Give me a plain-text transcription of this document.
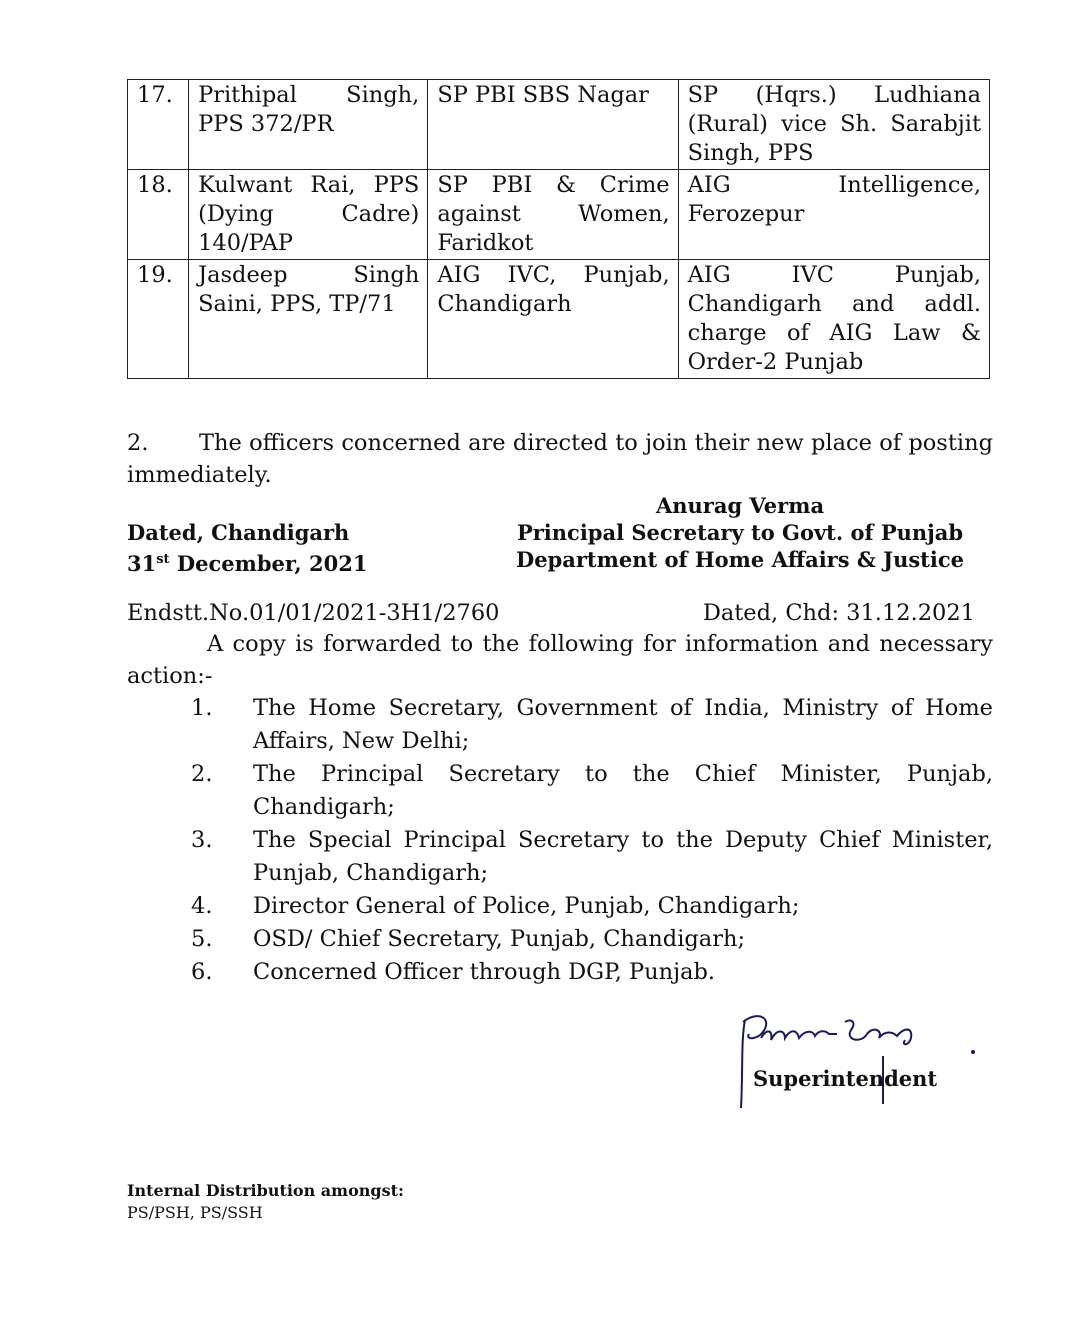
17.	Prithipal Singh, PPS 372/PR	SP PBI SBS Nagar	SP (Hqrs.) Ludhiana (Rural) vice Sh. Sarabjit Singh, PPS
18.	Kulwant Rai, PPS (Dying Cadre) 140/PAP	SP PBI & Crime against Women, Faridkot	AIG Intelligence, Ferozepur
19.	Jasdeep Singh Saini, PPS, TP/71	AIG IVC, Punjab, Chandigarh	AIG IVC Punjab, Chandigarh and addl. charge of AIG Law & Order-2 Punjab
2. The officers concerned are directed to join their new place of posting immediately.
Dated, Chandigarh
31st December, 2021
Anurag Verma
Principal Secretary to Govt. of Punjab
Department of Home Affairs & Justice
Endstt.No.01/01/2021-3H1/2760	Dated, Chd: 31.12.2021
A copy is forwarded to the following for information and necessary action:-
1.	The Home Secretary, Government of India, Ministry of Home Affairs, New Delhi;
2.	The Principal Secretary to the Chief Minister, Punjab, Chandigarh;
3.	The Special Principal Secretary to the Deputy Chief Minister, Punjab, Chandigarh;
4.	Director General of Police, Punjab, Chandigarh;
5.	OSD/ Chief Secretary, Punjab, Chandigarh;
6.	Concerned Officer through DGP, Punjab.
Superintendent
Internal Distribution amongst:
PS/PSH, PS/SSH
